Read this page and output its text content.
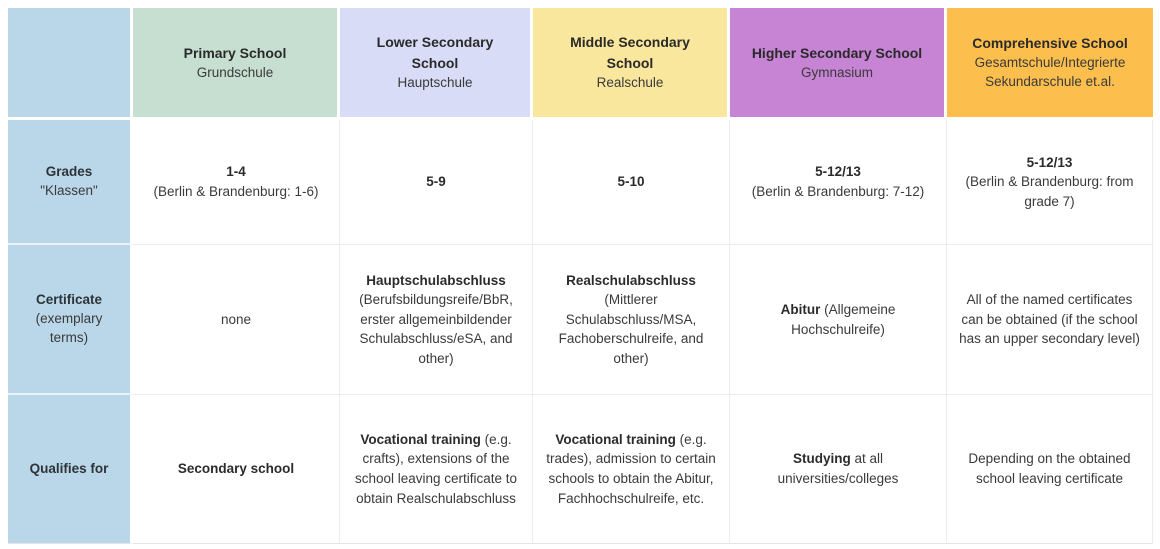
Primary School
Grundschule
Lower Secondary School
Hauptschule
Middle Secondary School
Realschule
Higher Secondary School
Gymnasium
Comprehensive School
Gesamtschule/Integrierte Sekundarschule et.al.
Grades
"Klassen"
1-4
(Berlin & Brandenburg: 1-6)
5-9	5-10
5-12/13
(Berlin & Brandenburg: 7-12)
5-12/13
(Berlin & Brandenburg: from grade 7)
Certificate
(exemplary terms)
none
Hauptschulabschluss
(Berufsbildungsreife/BbR, erster allgemeinbildender Schulabschluss/eSA, and other)
Realschulabschluss (Mittlerer Schulabschluss/MSA, Fachoberschulreife, and other)
Abitur (Allgemeine Hochschulreife)
All of the named certificates can be obtained (if the school has an upper secondary level)
Qualifies for	Secondary school
Vocational training (e.g. crafts), extensions of the school leaving certificate to obtain Realschulabschluss
Vocational training (e.g. trades), admission to certain schools to obtain the Abitur, Fachhochschulreife, etc.
Studying at all universities/colleges
Depending on the obtained school leaving certificate
